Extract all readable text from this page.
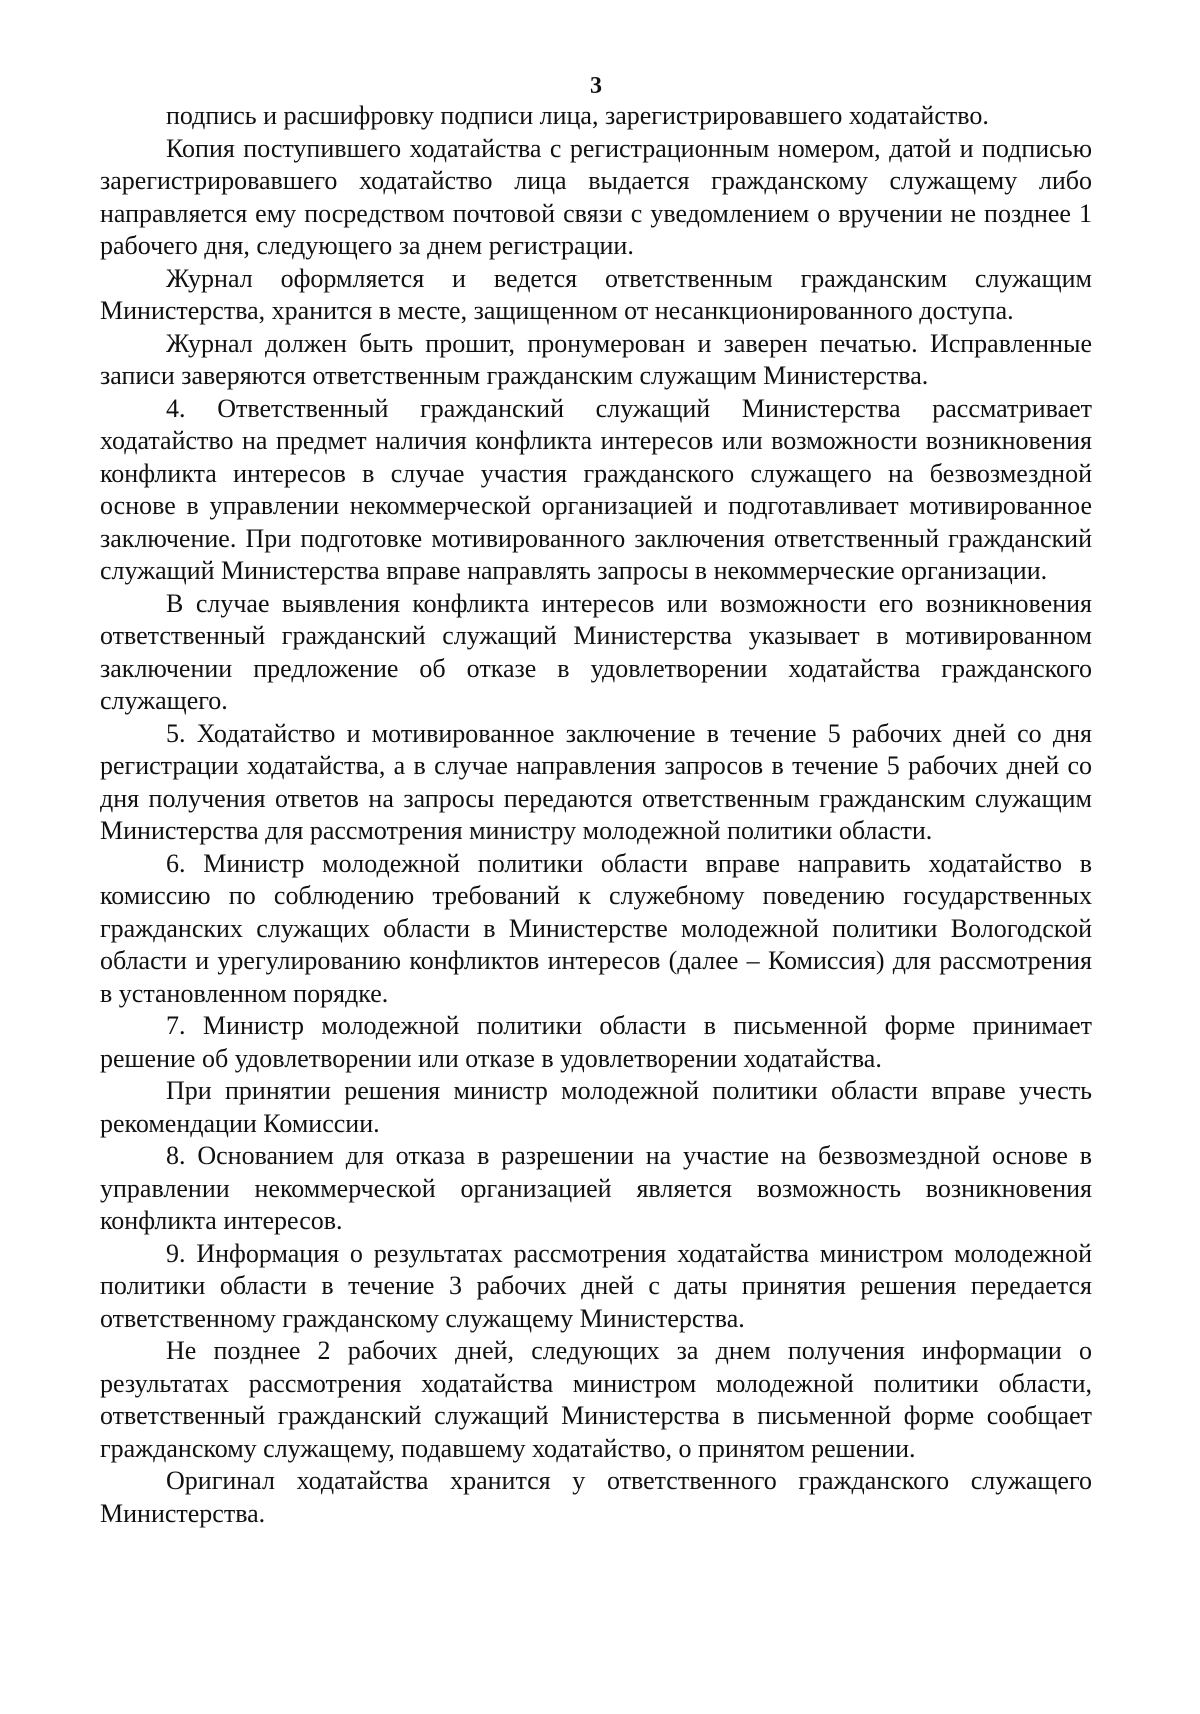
3

подпись и расшифровку подписи лица, зарегистрировавшего ходатайство.

Копия поступившего ходатайства с регистрационным номером, датой и подписью зарегистрировавшего ходатайство лица выдается гражданскому служащему либо направляется ему посредством почтовой связи с уведомлением о вручении не позднее 1 рабочего дня, следующего за днем регистрации.

Журнал оформляется и ведется ответственным гражданским служащим Министерства, хранится в месте, защищенном от несанкционированного доступа.

Журнал должен быть прошит, пронумерован и заверен печатью. Исправленные записи заверяются ответственным гражданским служащим Министерства.

4. Ответственный гражданский служащий Министерства рассматривает ходатайство на предмет наличия конфликта интересов или возможности возникновения конфликта интересов в случае участия гражданского служащего на безвозмездной основе в управлении некоммерческой организацией и подготавливает мотивированное заключение. При подготовке мотивированного заключения ответственный гражданский служащий Министерства вправе направлять запросы в некоммерческие организации.

В случае выявления конфликта интересов или возможности его возникновения ответственный гражданский служащий Министерства указывает в мотивированном заключении предложение об отказе в удовлетворении ходатайства гражданского служащего.

5. Ходатайство и мотивированное заключение в течение 5 рабочих дней со дня регистрации ходатайства, а в случае направления запросов в течение 5 рабочих дней со дня получения ответов на запросы передаются ответственным гражданским служащим Министерства для рассмотрения министру молодежной политики области.

6. Министр молодежной политики области вправе направить ходатайство в комиссию по соблюдению требований к служебному поведению государственных гражданских служащих области в Министерстве молодежной политики Вологодской области и урегулированию конфликтов интересов (далее – Комиссия) для рассмотрения в установленном порядке.

7. Министр молодежной политики области в письменной форме принимает решение об удовлетворении или отказе в удовлетворении ходатайства.

При принятии решения министр молодежной политики области вправе учесть рекомендации Комиссии.

8. Основанием для отказа в разрешении на участие на безвозмездной основе в управлении некоммерческой организацией является возможность возникновения конфликта интересов.

9. Информация о результатах рассмотрения ходатайства министром молодежной политики области в течение 3 рабочих дней с даты принятия решения передается ответственному гражданскому служащему Министерства.

Не позднее 2 рабочих дней, следующих за днем получения информации о результатах рассмотрения ходатайства министром молодежной политики области, ответственный гражданский служащий Министерства в письменной форме сообщает гражданскому служащему, подавшему ходатайство, о принятом решении.

Оригинал ходатайства хранится у ответственного гражданского служащего Министерства.
